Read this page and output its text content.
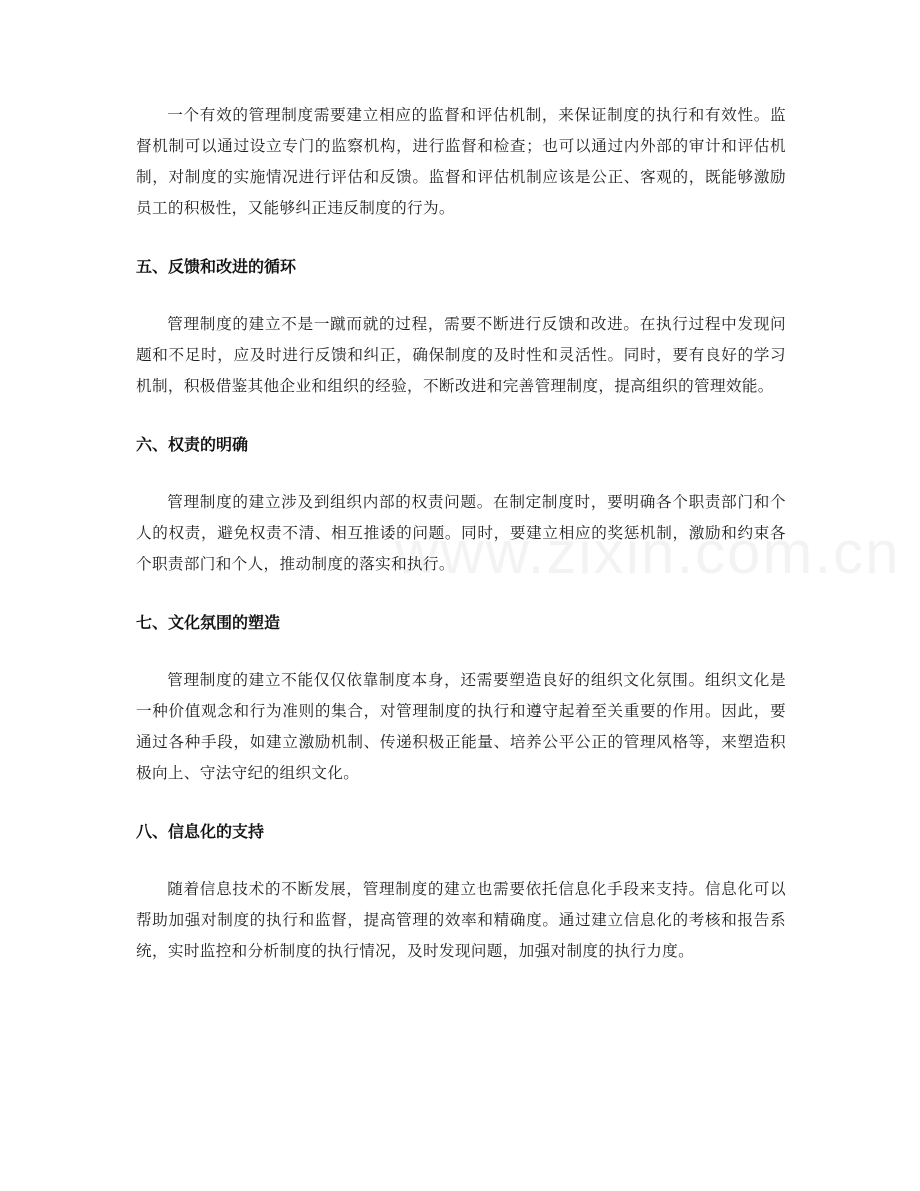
一个有效的管理制度需要建立相应的监督和评估机制，来保证制度的执行和有效性。监督机制可以通过设立专门的监察机构，进行监督和检查；也可以通过内外部的审计和评估机制，对制度的实施情况进行评估和反馈。监督和评估机制应该是公正、客观的，既能够激励员工的积极性，又能够纠正违反制度的行为。

五、反馈和改进的循环

管理制度的建立不是一蹴而就的过程，需要不断进行反馈和改进。在执行过程中发现问题和不足时，应及时进行反馈和纠正，确保制度的及时性和灵活性。同时，要有良好的学习机制，积极借鉴其他企业和组织的经验，不断改进和完善管理制度，提高组织的管理效能。

六、权责的明确

管理制度的建立涉及到组织内部的权责问题。在制定制度时，要明确各个职责部门和个人的权责，避免权责不清、相互推诿的问题。同时，要建立相应的奖惩机制，激励和约束各个职责部门和个人，推动制度的落实和执行。

七、文化氛围的塑造

管理制度的建立不能仅仅依靠制度本身，还需要塑造良好的组织文化氛围。组织文化是一种价值观念和行为准则的集合，对管理制度的执行和遵守起着至关重要的作用。因此，要通过各种手段，如建立激励机制、传递积极正能量、培养公平公正的管理风格等，来塑造积极向上、守法守纪的组织文化。

八、信息化的支持

随着信息技术的不断发展，管理制度的建立也需要依托信息化手段来支持。信息化可以帮助加强对制度的执行和监督，提高管理的效率和精确度。通过建立信息化的考核和报告系统，实时监控和分析制度的执行情况，及时发现问题，加强对制度的执行力度。
